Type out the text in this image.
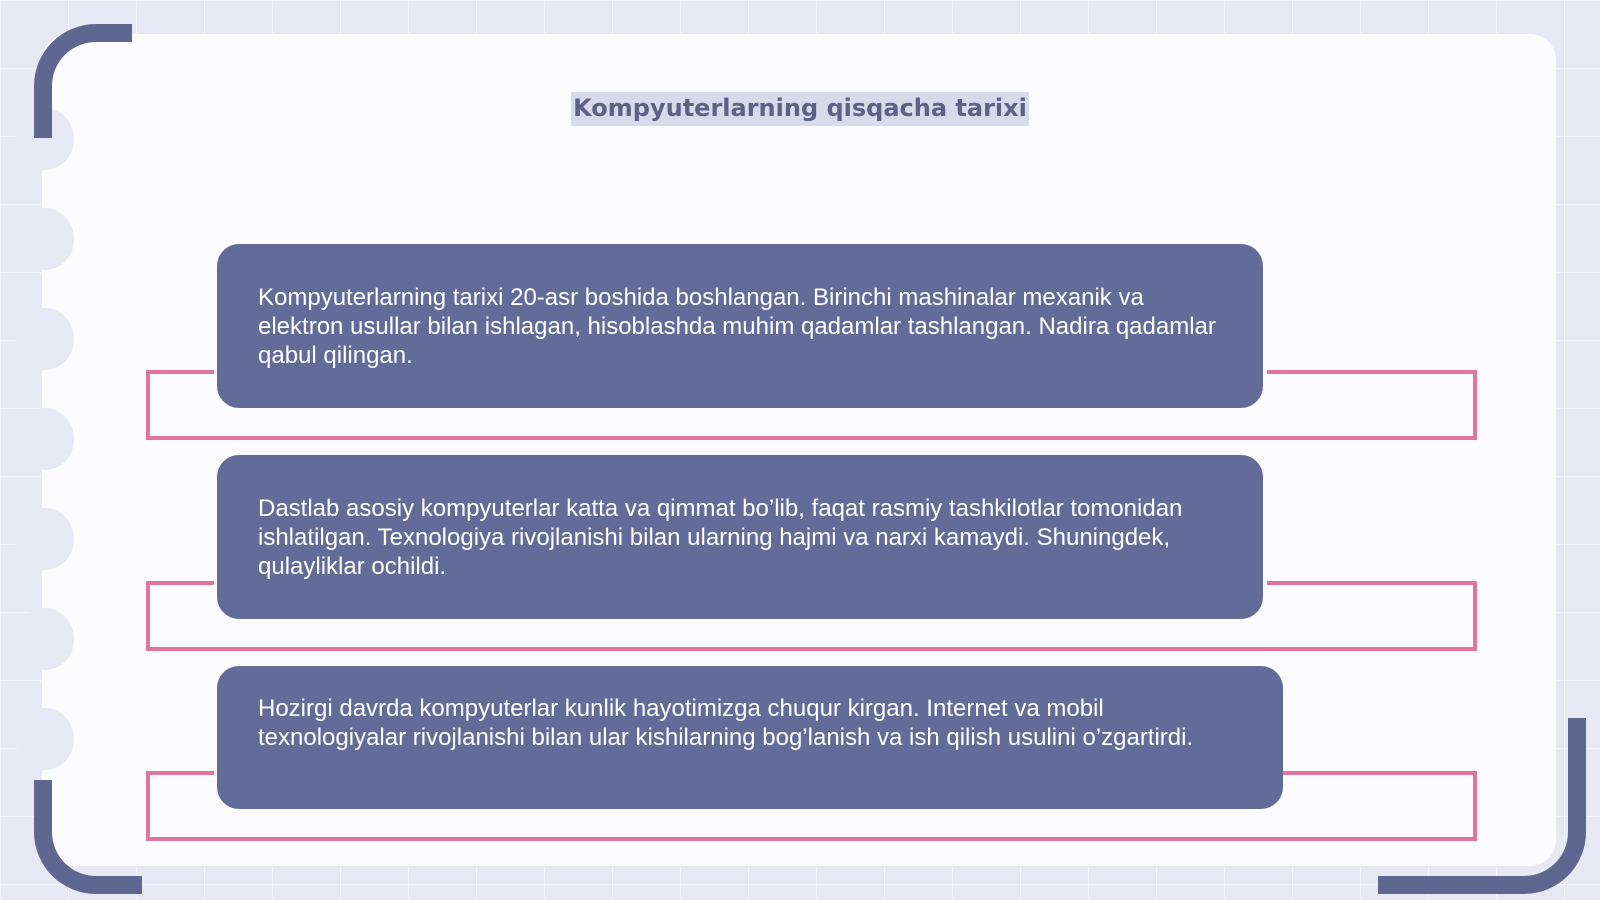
Kompyuterlarning qisqacha tarixi

Kompyuterlarning tarixi 20-asr boshida boshlangan. Birinchi mashinalar mexanik va elektron usullar bilan ishlagan, hisoblashda muhim qadamlar tashlangan. Nadira qadamlar qabul qilingan.

Dastlab asosiy kompyuterlar katta va qimmat bo’lib, faqat rasmiy tashkilotlar tomonidan ishlatilgan. Texnologiya rivojlanishi bilan ularning hajmi va narxi kamaydi. Shuningdek, qulayliklar ochildi.

Hozirgi davrda kompyuterlar kunlik hayotimizga chuqur kirgan. Internet va mobil texnologiyalar rivojlanishi bilan ular kishilarning bog’lanish va ish qilish usulini o’zgartirdi.
